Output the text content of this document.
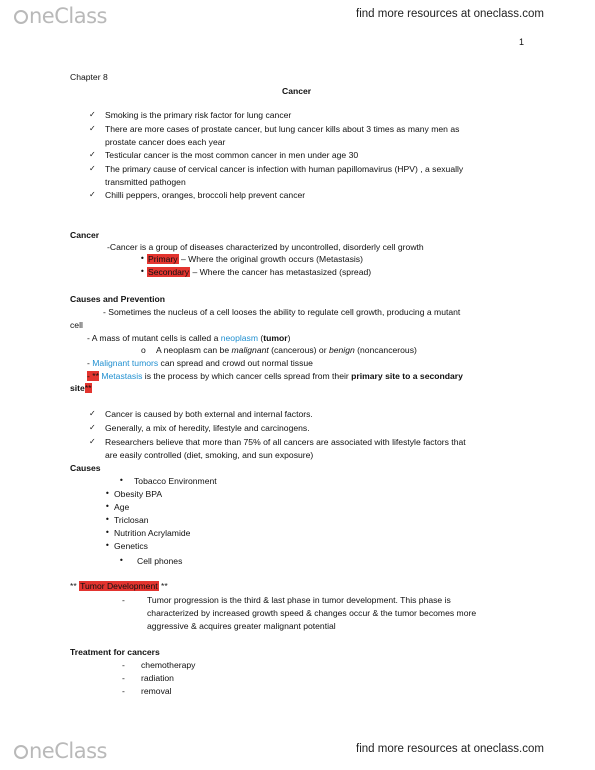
neClass	find more resources at oneclass.com
1
Chapter 8
Cancer
✓ Smoking is the primary risk factor for lung cancer
✓ There are more cases of prostate cancer, but lung cancer kills about 3 times as many men as
prostate cancer does each year
✓ Testicular cancer is the most common cancer in men under age 30
✓ The primary cause of cervical cancer is infection with human papillomavirus (HPV) , a sexually
transmitted pathogen
✓ Chilli peppers, oranges, broccoli help prevent cancer
Cancer
-Cancer is a group of diseases characterized by uncontrolled, disorderly cell growth
• Primary – Where the original growth occurs (Metastasis)
• Secondary – Where the cancer has metastasized (spread)
Causes and Prevention
- Sometimes the nucleus of a cell looses the ability to regulate cell growth, producing a mutant
cell
- A mass of mutant cells is called a neoplasm (tumor)
o A neoplasm can be malignant (cancerous) or benign (noncancerous)
- Malignant tumors can spread and crowd out normal tissue
- ** Metastasis is the process by which cancer cells spread from their primary site to a secondary
site**
✓ Cancer is caused by both external and internal factors.
✓ Generally, a mix of heredity, lifestyle and carcinogens.
✓ Researchers believe that more than 75% of all cancers are associated with lifestyle factors that
are easily controlled (diet, smoking, and sun exposure)
Causes
• Tobacco Environment
• Obesity BPA
• Age
• Triclosan
• Nutrition Acrylamide
• Genetics
• Cell phones
** Tumor Development **
-	Tumor progression is the third & last phase in tumor development. This phase is
characterized by increased growth speed & changes occur & the tumor becomes more
aggressive & acquires greater malignant potential
Treatment for cancers
- chemotherapy
- radiation
- removal
neClass	find more resources at oneclass.com
